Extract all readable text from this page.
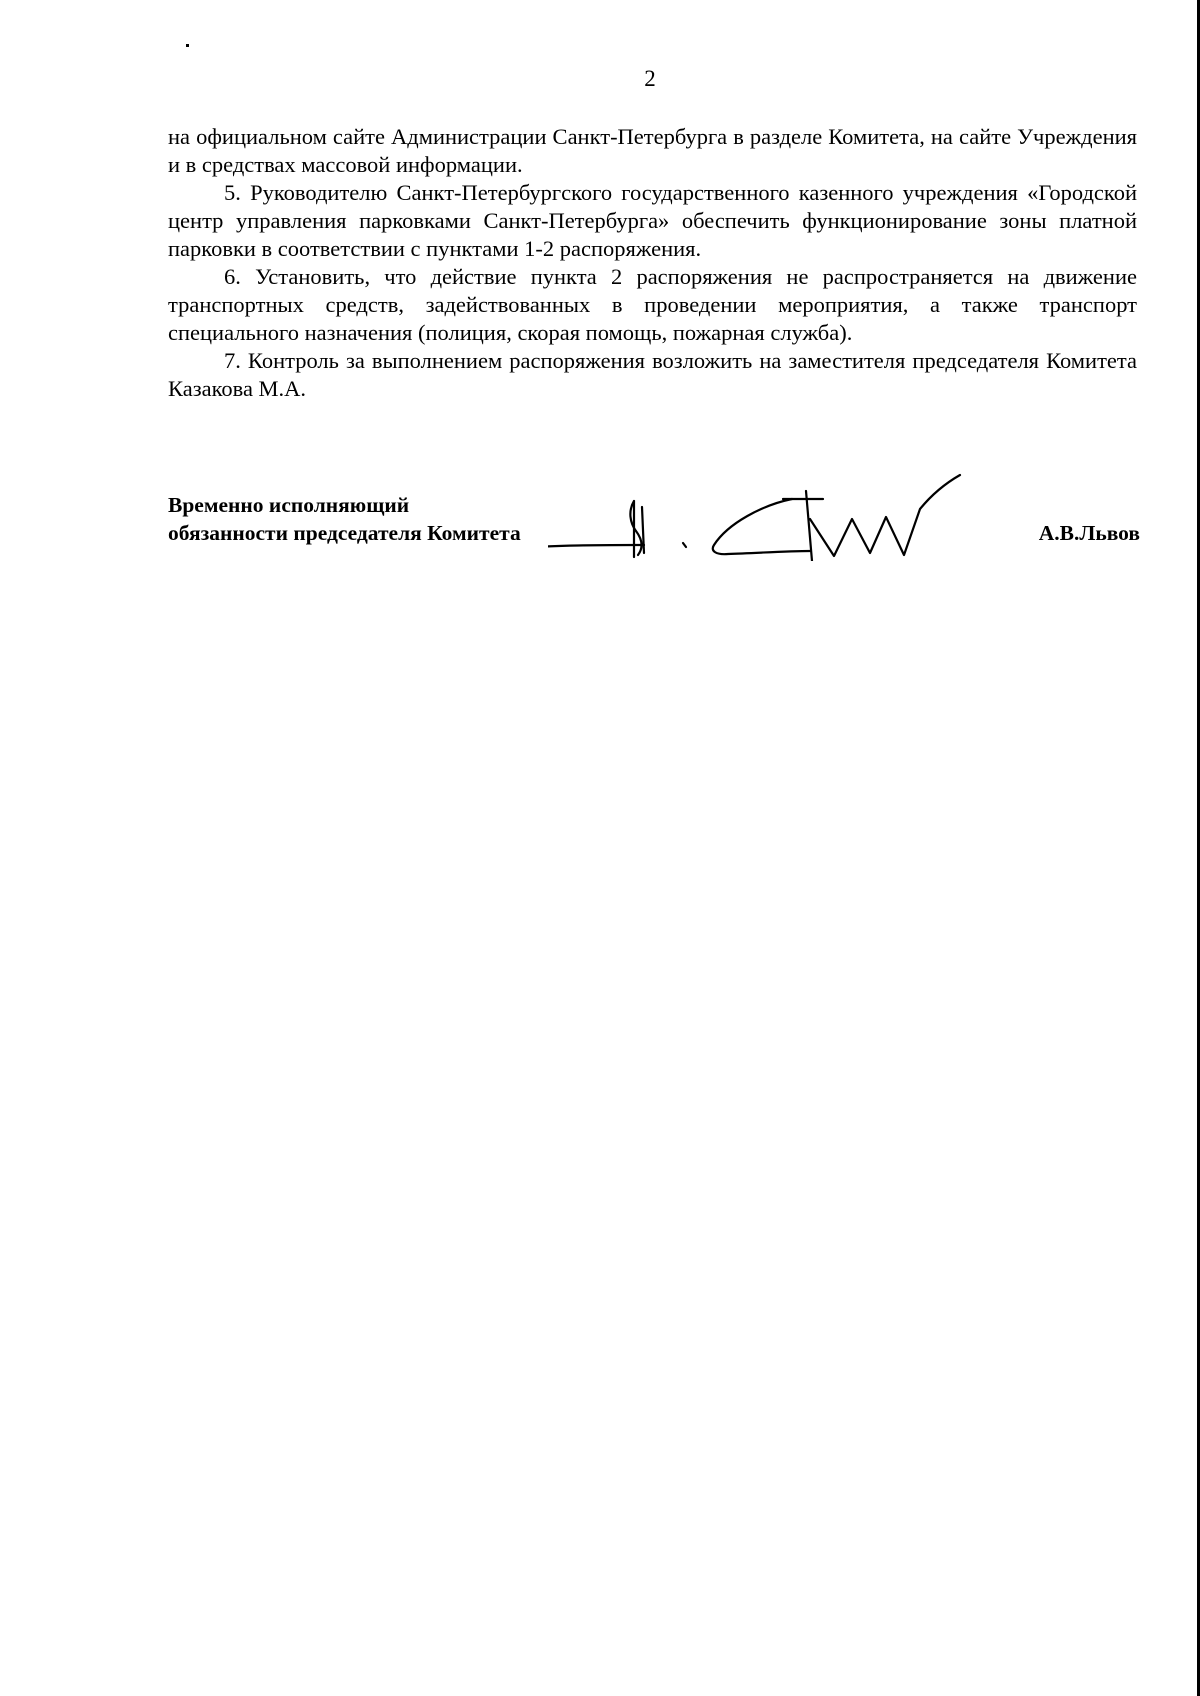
2

на официальном сайте Администрации Санкт-Петербурга в разделе Комитета, на сайте Учреждения и в средствах массовой информации.

5. Руководителю Санкт-Петербургского государственного казенного учреждения «Городской центр управления парковками Санкт-Петербурга» обеспечить функционирование зоны платной парковки в соответствии с пунктами 1-2 распоряжения.

6. Установить, что действие пункта 2 распоряжения не распространяется на движение транспортных средств, задействованных в проведении мероприятия, а также транспорт специального назначения (полиция, скорая помощь, пожарная служба).

7. Контроль за выполнением распоряжения возложить на заместителя председателя Комитета Казакова М.А.

Временно исполняющий
обязанности председателя Комитета	А.В.Львов
